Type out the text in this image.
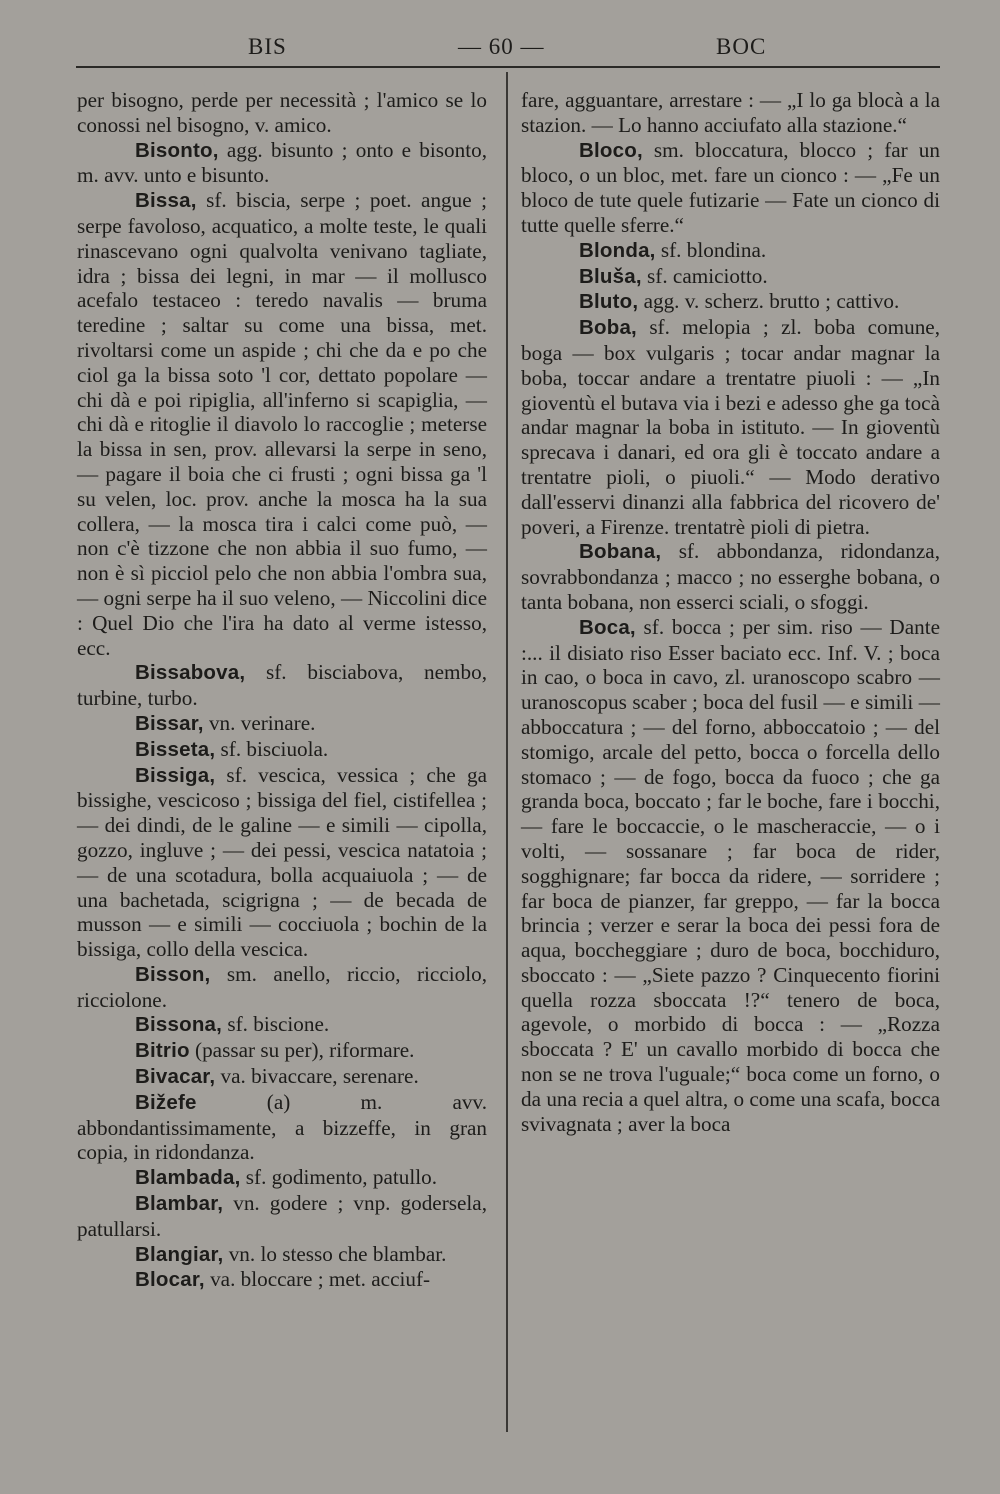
BIS	— 60 —	BOC

per bisogno, perde per necessità ; l'amico se lo conossi nel bisogno, v. amico.

Bisonto, agg. bisunto ; onto e bisonto, m. avv. unto e bisunto.

Bissa, sf. biscia, serpe ; poet. angue ; serpe favoloso, acquatico, a molte teste, le quali rinascevano ogni qualvolta venivano tagliate, idra ; bissa dei legni, in mar — il mollusco acefalo testaceo : teredo navalis — bruma teredine ; saltar su come una bissa, met. rivoltarsi come un aspide ; chi che da e po che ciol ga la bissa soto 'l cor, dettato popolare — chi dà e poi ripiglia, all'inferno si scapiglia, — chi dà e ritoglie il diavolo lo raccoglie ; meterse la bissa in sen, prov. allevarsi la serpe in seno, — pagare il boia che ci frusti ; ogni bissa ga 'l su velen, loc. prov. anche la mosca ha la sua collera, — la mosca tira i calci come può, — non c'è tizzone che non abbia il suo fumo, — non è sì picciol pelo che non abbia l'ombra sua, — ogni serpe ha il suo veleno, — Niccolini dice : Quel Dio che l'ira ha dato al verme istesso, ecc.

Bissabova, sf. bisciabova, nembo, turbine, turbo.

Bissar, vn. verinare.

Bisseta, sf. bisciuola.

Bissiga, sf. vescica, vessica ; che ga bissighe, vescicoso ; bissiga del fiel, cistifellea ; — dei dindi, de le galine — e simili — cipolla, gozzo, ingluve ; — dei pessi, vescica natatoia ; — de una scotadura, bolla acquaiuola ; — de una bachetada, scigrigna ; — de becada de musson — e simili — cocciuola ; bochin de la bissiga, collo della vescica.

Bisson, sm. anello, riccio, ricciolo, ricciolone.

Bissona, sf. biscione.

Bitrio (passar su per), riformare.

Bivacar, va. bivaccare, serenare.

Bižefe (a) m. avv. abbondantissimamente, a bizzeffe, in gran copia, in ridondanza.

Blambada, sf. godimento, patullo.

Blambar, vn. godere ; vnp. godersela, patullarsi.

Blangiar, vn. lo stesso che blambar.

Blocar, va. bloccare ; met. acciuf-

fare, agguantare, arrestare : — „I lo ga blocà a la stazion. — Lo hanno acciufato alla stazione.“

Bloco, sm. bloccatura, blocco ; far un bloco, o un bloc, met. fare un cionco : — „Fe un bloco de tute quele futizarie — Fate un cionco di tutte quelle sferre.“

Blonda, sf. blondina.

Bluša, sf. camiciotto.

Bluto, agg. v. scherz. brutto ; cattivo.

Boba, sf. melopia ; zl. boba comune, boga — box vulgaris ; tocar andar magnar la boba, toccar andare a trentatre piuoli : — „In gioventù el butava via i bezi e adesso ghe ga tocà andar magnar la boba in istituto. — In gioventù sprecava i danari, ed ora gli è toccato andare a trentatre pioli, o piuoli.“ — Modo derativo dall'esservi dinanzi alla fabbrica del ricovero de' poveri, a Firenze. trentatrè pioli di pietra.

Bobana, sf. abbondanza, ridondanza, sovrabbondanza ; macco ; no esserghe bobana, o tanta bobana, non esserci sciali, o sfoggi.

Boca, sf. bocca ; per sim. riso — Dante :... il disiato riso Esser baciato ecc. Inf. V. ; boca in cao, o boca in cavo, zl. uranoscopo scabro — uranoscopus scaber ; boca del fusil — e simili — abboccatura ; — del forno, abboccatoio ; — del stomigo, arcale del petto, bocca o forcella dello stomaco ; — de fogo, bocca da fuoco ; che ga granda boca, boccato ; far le boche, fare i bocchi, — fare le boccaccie, o le mascheraccie, — o i volti, — sossanare ; far boca de rider, sogghignare; far bocca da ridere, — sorridere ; far boca de pianzer, far greppo, — far la bocca brincia ; verzer e serar la boca dei pessi fora de aqua, boccheggiare ; duro de boca, bocchiduro, sboccato : — „Siete pazzo ? Cinquecento fiorini quella rozza sboccata !?“ tenero de boca, agevole, o morbido di bocca : — „Rozza sboccata ? E' un cavallo morbido di bocca che non se ne trova l'uguale;“ boca come un forno, o da una recia a quel altra, o come una scafa, bocca svivagnata ; aver la boca
